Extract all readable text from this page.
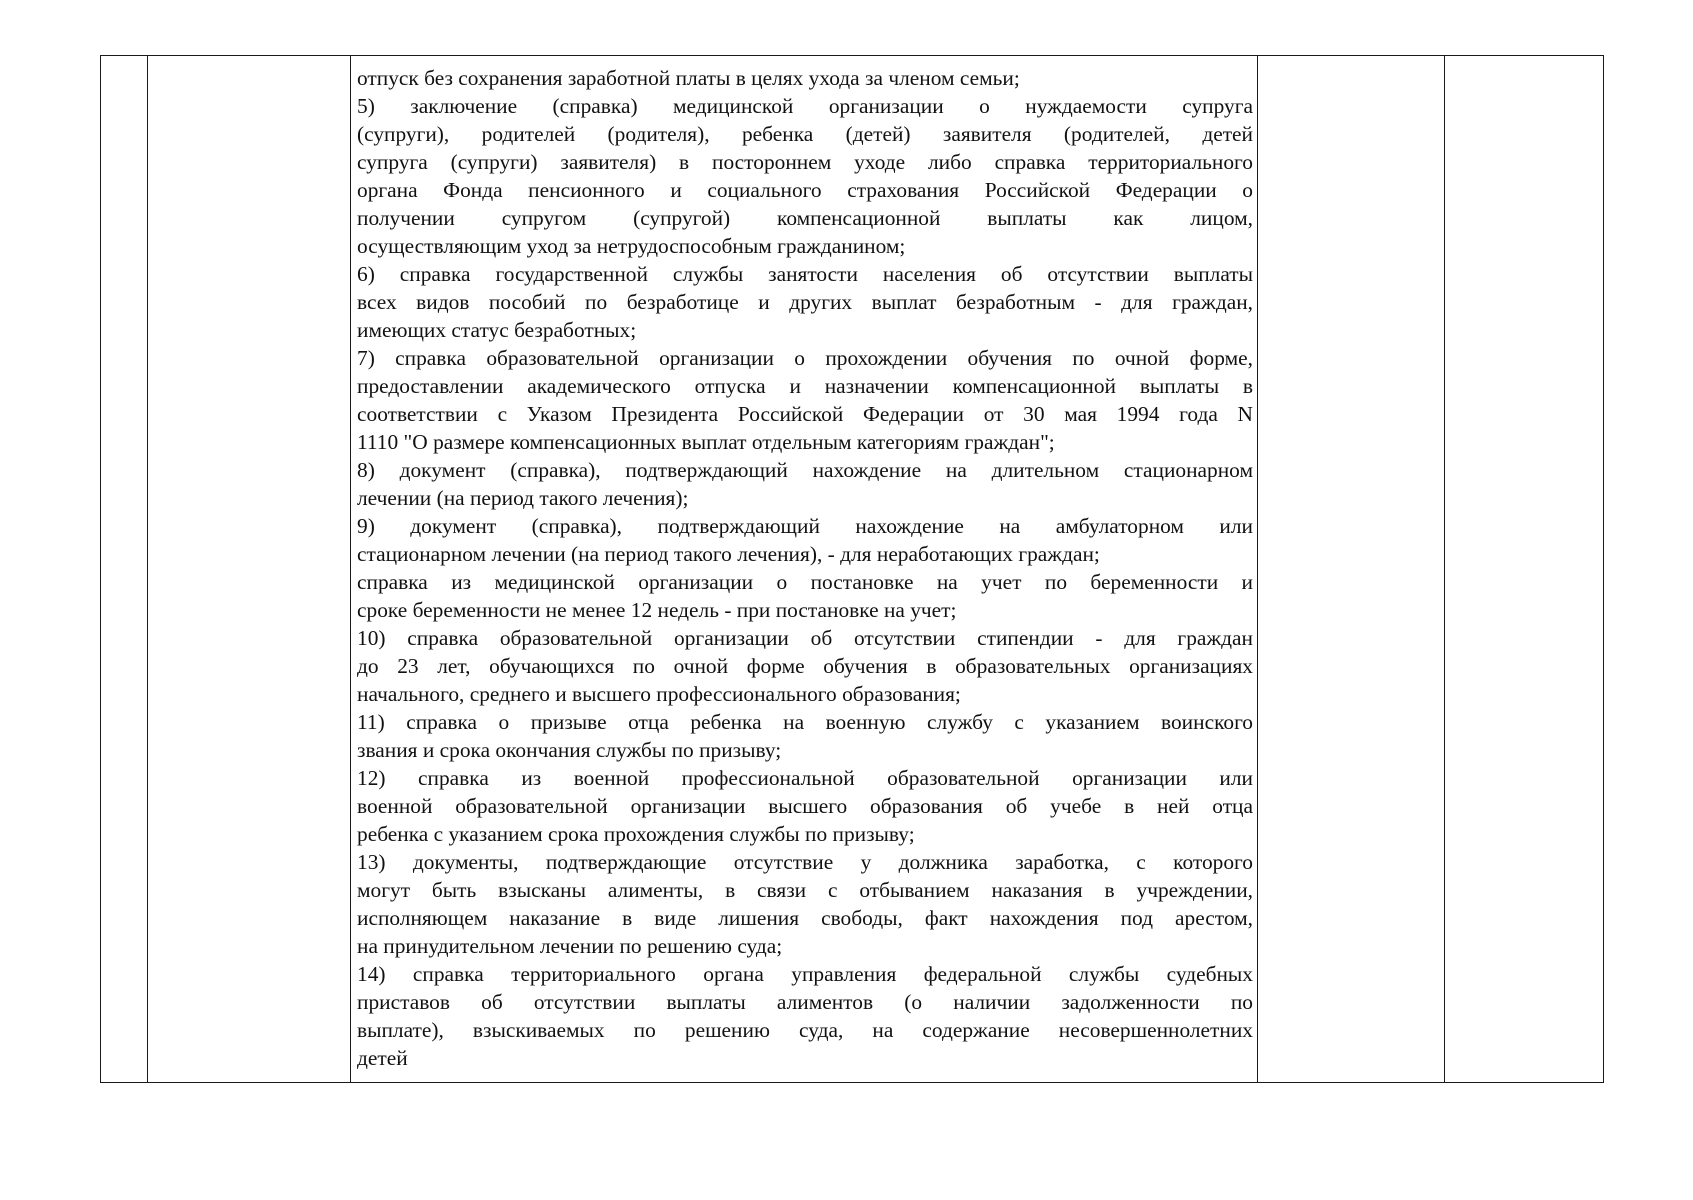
отпуск без сохранения заработной платы в целях ухода за членом семьи;
5) заключение (справка) медицинской организации о нуждаемости супруга
(супруги), родителей (родителя), ребенка (детей) заявителя (родителей, детей
супруга (супруги) заявителя) в постороннем уходе либо справка территориального
органа Фонда пенсионного и социального страхования Российской Федерации о
получении супругом (супругой) компенсационной выплаты как лицом,
осуществляющим уход за нетрудоспособным гражданином;
6) справка государственной службы занятости населения об отсутствии выплаты
всех видов пособий по безработице и других выплат безработным - для граждан,
имеющих статус безработных;
7) справка образовательной организации о прохождении обучения по очной форме,
предоставлении академического отпуска и назначении компенсационной выплаты в
соответствии с Указом Президента Российской Федерации от 30 мая 1994 года N
1110 "О размере компенсационных выплат отдельным категориям граждан";
8) документ (справка), подтверждающий нахождение на длительном стационарном
лечении (на период такого лечения);
9) документ (справка), подтверждающий нахождение на амбулаторном или
стационарном лечении (на период такого лечения), - для неработающих граждан;
справка из медицинской организации о постановке на учет по беременности и
сроке беременности не менее 12 недель - при постановке на учет;
10) справка образовательной организации об отсутствии стипендии - для граждан
до 23 лет, обучающихся по очной форме обучения в образовательных организациях
начального, среднего и высшего профессионального образования;
11) справка о призыве отца ребенка на военную службу с указанием воинского
звания и срока окончания службы по призыву;
12) справка из военной профессиональной образовательной организации или
военной образовательной организации высшего образования об учебе в ней отца
ребенка с указанием срока прохождения службы по призыву;
13) документы, подтверждающие отсутствие у должника заработка, с которого
могут быть взысканы алименты, в связи с отбыванием наказания в учреждении,
исполняющем наказание в виде лишения свободы, факт нахождения под арестом,
на принудительном лечении по решению суда;
14) справка территориального органа управления федеральной службы судебных
приставов об отсутствии выплаты алиментов (о наличии задолженности по
выплате), взыскиваемых по решению суда, на содержание несовершеннолетних
детей
